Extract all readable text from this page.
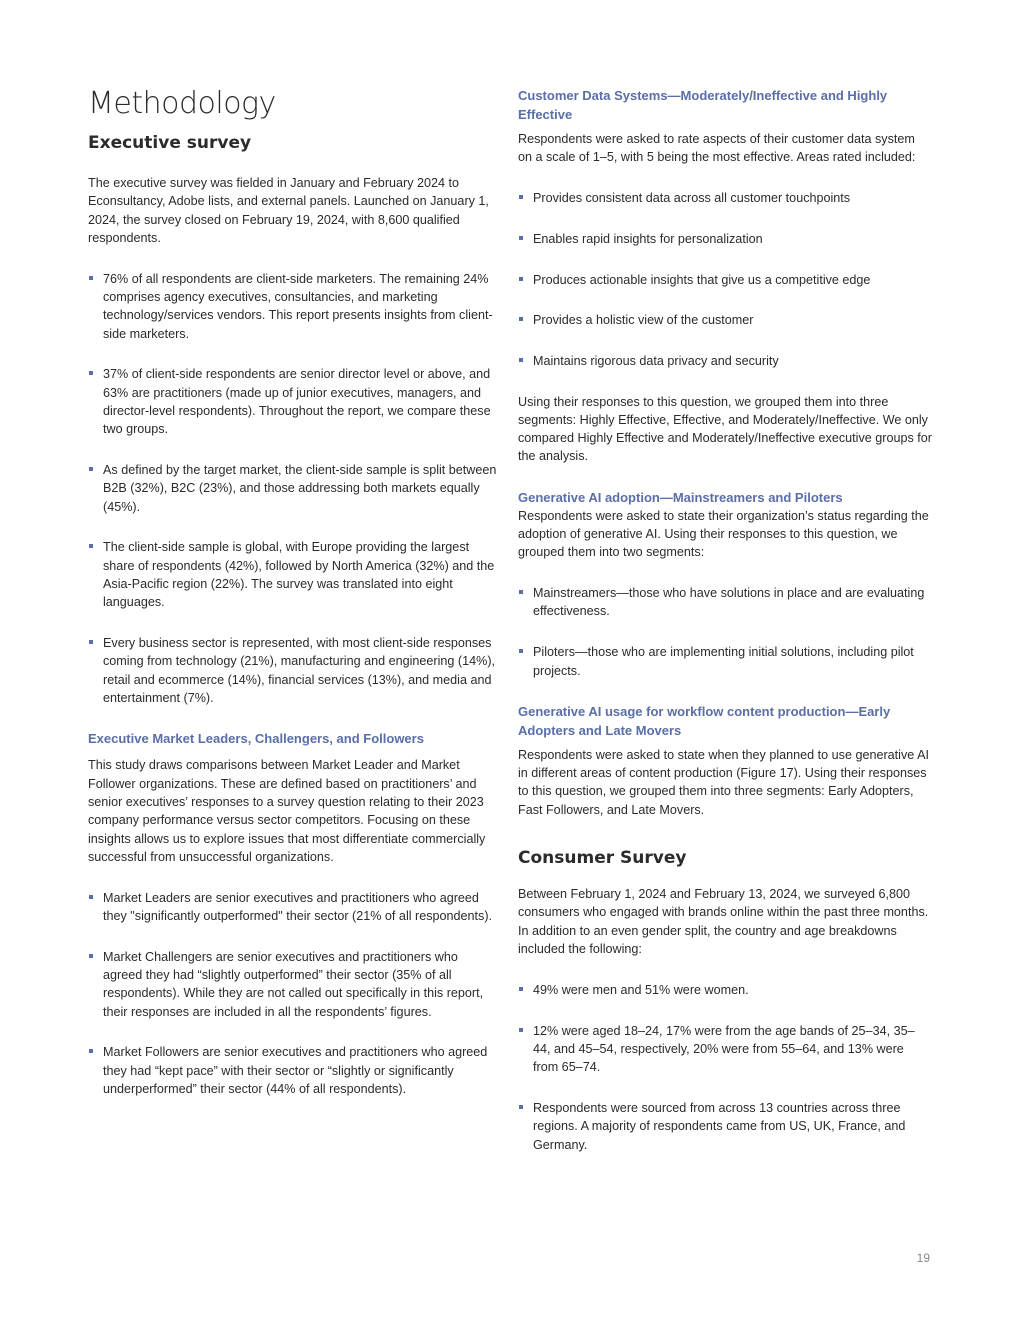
Methodology
Executive survey

The executive survey was fielded in January and February 2024 to Econsultancy, Adobe lists, and external panels. Launched on January 1, 2024, the survey closed on February 19, 2024, with 8,600 qualified respondents.

76% of all respondents are client-side marketers. The remaining 24% comprises agency executives, consultancies, and marketing technology/services vendors. This report presents insights from client-side marketers.
37% of client-side respondents are senior director level or above, and 63% are practitioners (made up of junior executives, managers, and director-level respondents). Throughout the report, we compare these two groups.
As defined by the target market, the client-side sample is split between B2B (32%), B2C (23%), and those addressing both markets equally (45%).
The client-side sample is global, with Europe providing the largest share of respondents (42%), followed by North America (32%) and the Asia-Pacific region (22%). The survey was translated into eight languages.
Every business sector is represented, with most client-side responses coming from technology (21%), manufacturing and engineering (14%), retail and ecommerce (14%), financial services (13%), and media and entertainment (7%).
Executive Market Leaders, Challengers, and Followers

This study draws comparisons between Market Leader and Market Follower organizations. These are defined based on practitioners’ and senior executives’ responses to a survey question relating to their 2023 company performance versus sector competitors. Focusing on these insights allows us to explore issues that most differentiate commercially successful from unsuccessful organizations.

Market Leaders are senior executives and practitioners who agreed they "significantly outperformed" their sector (21% of all respondents).
Market Challengers are senior executives and practitioners who agreed they had “slightly outperformed” their sector (35% of all respondents). While they are not called out specifically in this report, their responses are included in all the respondents’ figures.
Market Followers are senior executives and practitioners who agreed they had “kept pace” with their sector or “slightly or significantly underperformed” their sector (44% of all respondents).
Customer Data Systems—Moderately/Ineffective and Highly Effective

Respondents were asked to rate aspects of their customer data system on a scale of 1–5, with 5 being the most effective. Areas rated included:

Provides consistent data across all customer touchpoints
Enables rapid insights for personalization
Produces actionable insights that give us a competitive edge
Provides a holistic view of the customer
Maintains rigorous data privacy and security

Using their responses to this question, we grouped them into three segments: Highly Effective, Effective, and Moderately/Ineffective. We only compared Highly Effective and Moderately/Ineffective executive groups for the analysis.

Generative AI adoption—Mainstreamers and Piloters

Respondents were asked to state their organization’s status regarding the adoption of generative AI. Using their responses to this question, we grouped them into two segments:

Mainstreamers—those who have solutions in place and are evaluating effectiveness.
Piloters—those who are implementing initial solutions, including pilot projects.
Generative AI usage for workflow content production—Early Adopters and Late Movers

Respondents were asked to state when they planned to use generative AI in different areas of content production (Figure 17). Using their responses to this question, we grouped them into three segments: Early Adopters, Fast Followers, and Late Movers.

Consumer Survey

Between February 1, 2024 and February 13, 2024, we surveyed 6,800 consumers who engaged with brands online within the past three months. In addition to an even gender split, the country and age breakdowns included the following:

49% were men and 51% were women.
12% were aged 18–24, 17% were from the age bands of 25–34, 35–44, and 45–54, respectively, 20% were from 55–64, and 13% were from 65–74.
Respondents were sourced from across 13 countries across three regions. A majority of respondents came from US, UK, France, and Germany.
19
